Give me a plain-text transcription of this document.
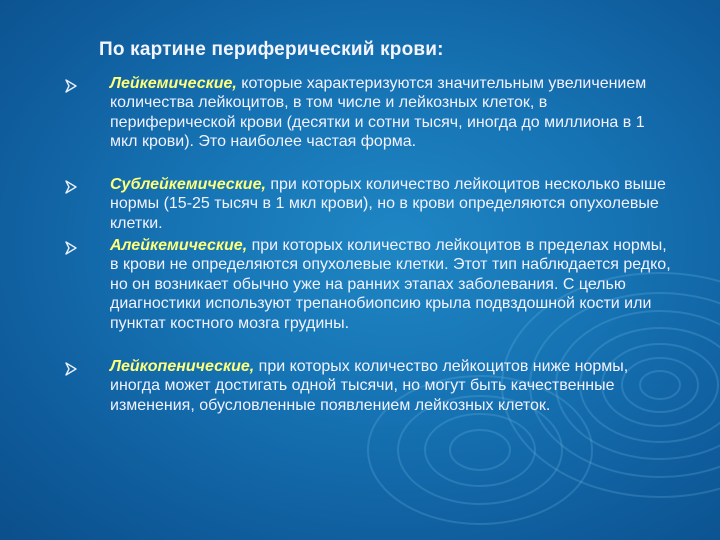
По картине периферический крови:
Лейкемические, которые характеризуются значительным увеличением количества лейкоцитов, в том числе и лейкозных клеток, в периферической крови (десятки и сотни тысяч, иногда до миллиона в 1 мкл крови). Это наиболее частая форма.
Сублейкемические, при которых количество лейкоцитов несколько выше нормы (15-25 тысяч в 1 мкл крови), но в крови определяются опухолевые клетки.
Алейкемические, при которых количество лейкоцитов в пределах нормы, в крови не определяются опухолевые клетки. Этот тип наблюдается редко, но он возникает обычно уже на ранних этапах заболевания. С целью диагностики используют трепанобиопсию крыла подвздошной кости или пунктат костного мозга грудины.
Лейкопенические, при которых количество лейкоцитов ниже нормы, иногда может достигать одной тысячи, но могут быть качественные изменения, обусловленные появлением лейкозных клеток.
